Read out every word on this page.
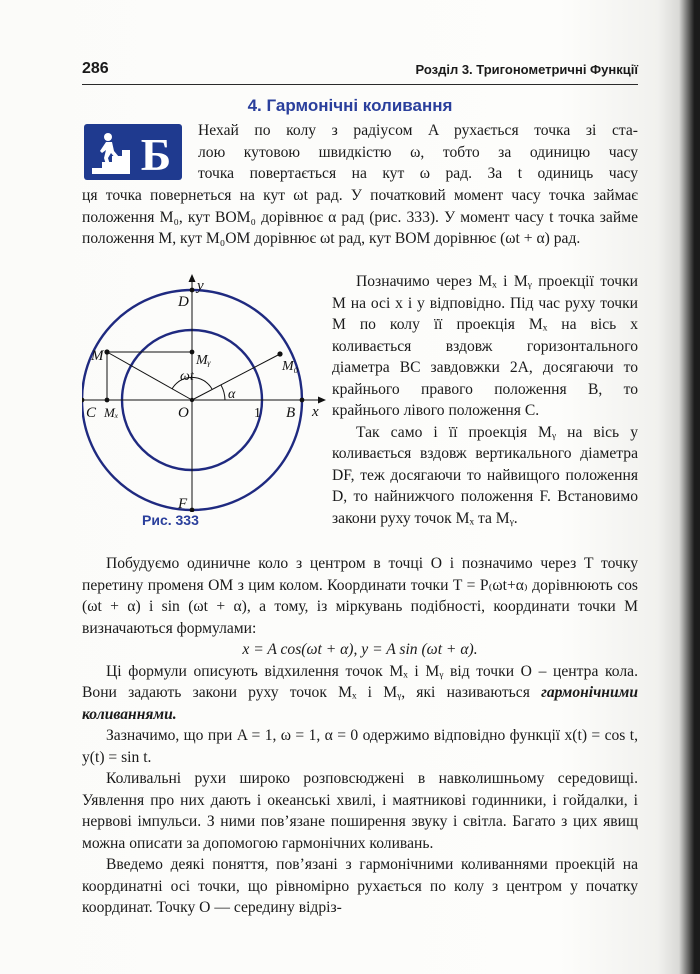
286	Розділ 3. Тригонометричні Функції
4. Гармонічні коливання
Б Нехай по колу з радіусом A рухається точка зі ста-

лою кутовою швидкістю ω, тобто за одиницю часу

точка повертається на кут ω рад. За t одиниць часу

ця точка повернеться на кут ωt рад. У початковий момент часу точка займає положення M₀, кут BOM₀ дорівнює α рад (рис. 333). У момент часу t точка займе положення M, кут M₀OM дорівнює ωt рад, кут BOM дорівнює (ωt + α) рад.

y
D
F
C Mₓ	O	1 B x
M	Mᵧ	M₀
ωt
α
Рис. 333

Позначимо через Mₓ і Mᵧ проекції точки M на осі x і y відповідно. Під час руху точки M по колу її проекція Mₓ на вісь x коливається вздовж горизонтального діаметра BC завдовжки 2A, досягаючи то крайнього правого положення B, то крайнього лівого положення C.

Так само і її проекція Mᵧ на вісь y коливається вздовж вертикального діаметра DF, теж досягаючи то найвищого положення D, то найнижчого положення F. Встановимо закони руху точок Mₓ та Mᵧ.

Побудуємо одиничне коло з центром в точці O і позначимо через T точку перетину променя OM з цим колом. Координати точки T = P₍ωt+α₎ дорівнюють cos (ωt + α) і sin (ωt + α), а тому, із міркувань подібності, координати точки M визначаються формулами:

x = A cos(ωt + α), y = A sin (ωt + α).

Ці формули описують відхилення точок Mₓ і Mᵧ від точки O – центра кола. Вони задають закони руху точок Mₓ і Mᵧ, які називаються гармонічними коливаннями.

Зазначимо, що при A = 1, ω = 1, α = 0 одержимо відповідно функції x(t) = cos t, y(t) = sin t.

Коливальні рухи широко розповсюджені в навколишньому середовищі. Уявлення про них дають і океанські хвилі, і маятникові годинники, і гойдалки, і нервові імпульси. З ними пов’язане поширення звуку і світла. Багато з цих явищ можна описати за допомогою гармонічних коливань.

Введемо деякі поняття, пов’язані з гармонічними коливаннями проекцій на координатні осі точки, що рівномірно рухається по колу з центром у початку координат. Точку O — середину відріз-
